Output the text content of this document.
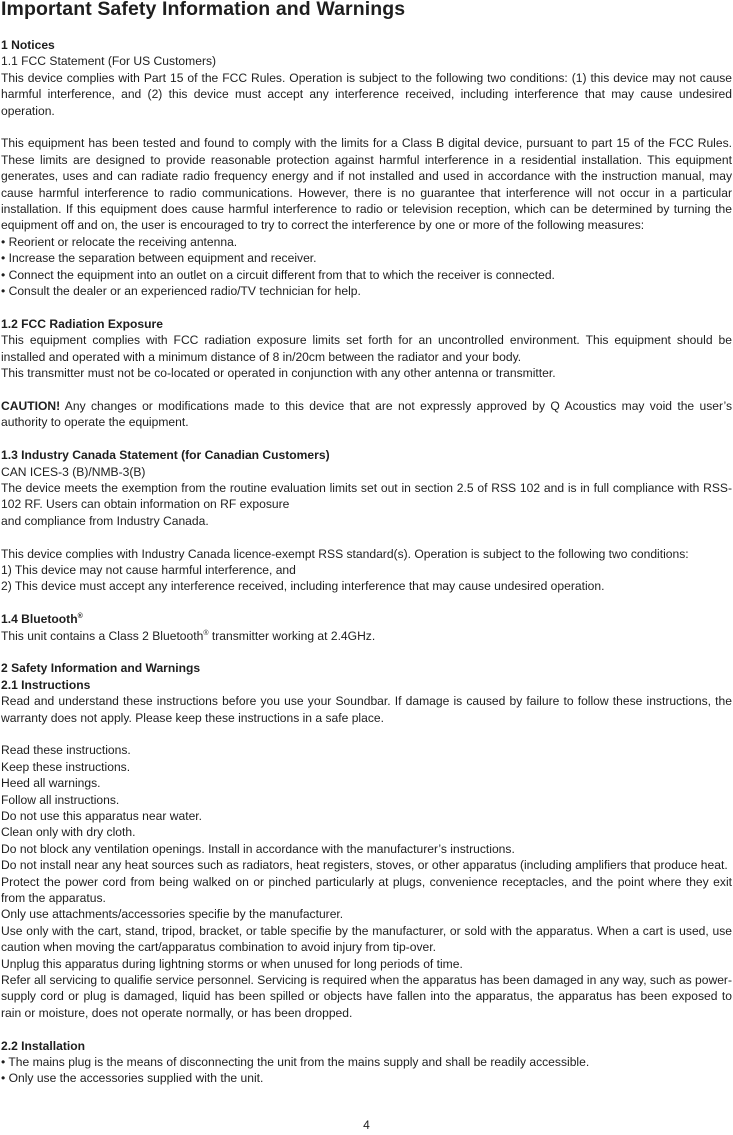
Important Safety Information and Warnings

1 Notices

1.1 FCC Statement (For US Customers)

This device complies with Part 15 of the FCC Rules. Operation is subject to the following two conditions: (1) this device may not cause harmful interference, and (2) this device must accept any interference received, including interference that may cause undesired operation.

This equipment has been tested and found to comply with the limits for a Class B digital device, pursuant to part 15 of the FCC Rules. These limits are designed to provide reasonable protection against harmful interference in a residential installation. This equipment generates, uses and can radiate radio frequency energy and if not installed and used in accordance with the instruction manual, may cause harmful interference to radio communications. However, there is no guarantee that interference will not occur in a particular installation. If this equipment does cause harmful interference to radio or television reception, which can be determined by turning the equipment off and on, the user is encouraged to try to correct the interference by one or more of the following measures:

• Reorient or relocate the receiving antenna.

• Increase the separation between equipment and receiver.

• Connect the equipment into an outlet on a circuit different from that to which the receiver is connected.

• Consult the dealer or an experienced radio/TV technician for help.

1.2 FCC Radiation Exposure

This equipment complies with FCC radiation exposure limits set forth for an uncontrolled environment. This equipment should be installed and operated with a minimum distance of 8 in/20cm between the radiator and your body.

This transmitter must not be co-located or operated in conjunction with any other antenna or transmitter.

CAUTION! Any changes or modifications made to this device that are not expressly approved by Q Acoustics may void the user’s authority to operate the equipment.

1.3 Industry Canada Statement (for Canadian Customers)

CAN ICES-3 (B)/NMB-3(B)

The device meets the exemption from the routine evaluation limits set out in section 2.5 of RSS 102 and is in full compliance with RSS-102 RF. Users can obtain information on RF exposure

and compliance from Industry Canada.

This device complies with Industry Canada licence-exempt RSS standard(s). Operation is subject to the following two conditions:

1) This device may not cause harmful interference, and

2) This device must accept any interference received, including interference that may cause undesired operation.

1.4 Bluetooth®

This unit contains a Class 2 Bluetooth® transmitter working at 2.4GHz.

2 Safety Information and Warnings

2.1 Instructions

Read and understand these instructions before you use your Soundbar. If damage is caused by failure to follow these instructions, the warranty does not apply. Please keep these instructions in a safe place.

Read these instructions.

Keep these instructions.

Heed all warnings.

Follow all instructions.

Do not use this apparatus near water.

Clean only with dry cloth.

Do not block any ventilation openings. Install in accordance with the manufacturer’s instructions.

Do not install near any heat sources such as radiators, heat registers, stoves, or other apparatus (including amplifiers that produce heat.

Protect the power cord from being walked on or pinched particularly at plugs, convenience receptacles, and the point where they exit from the apparatus.

Only use attachments/accessories specifie by the manufacturer.

Use only with the cart, stand, tripod, bracket, or table specifie by the manufacturer, or sold with the apparatus. When a cart is used, use caution when moving the cart/apparatus combination to avoid injury from tip-over.

Unplug this apparatus during lightning storms or when unused for long periods of time.

Refer all servicing to qualifie service personnel. Servicing is required when the apparatus has been damaged in any way, such as power-supply cord or plug is damaged, liquid has been spilled or objects have fallen into the apparatus, the apparatus has been exposed to rain or moisture, does not operate normally, or has been dropped.

2.2 Installation

• The mains plug is the means of disconnecting the unit from the mains supply and shall be readily accessible.

• Only use the accessories supplied with the unit.

4
